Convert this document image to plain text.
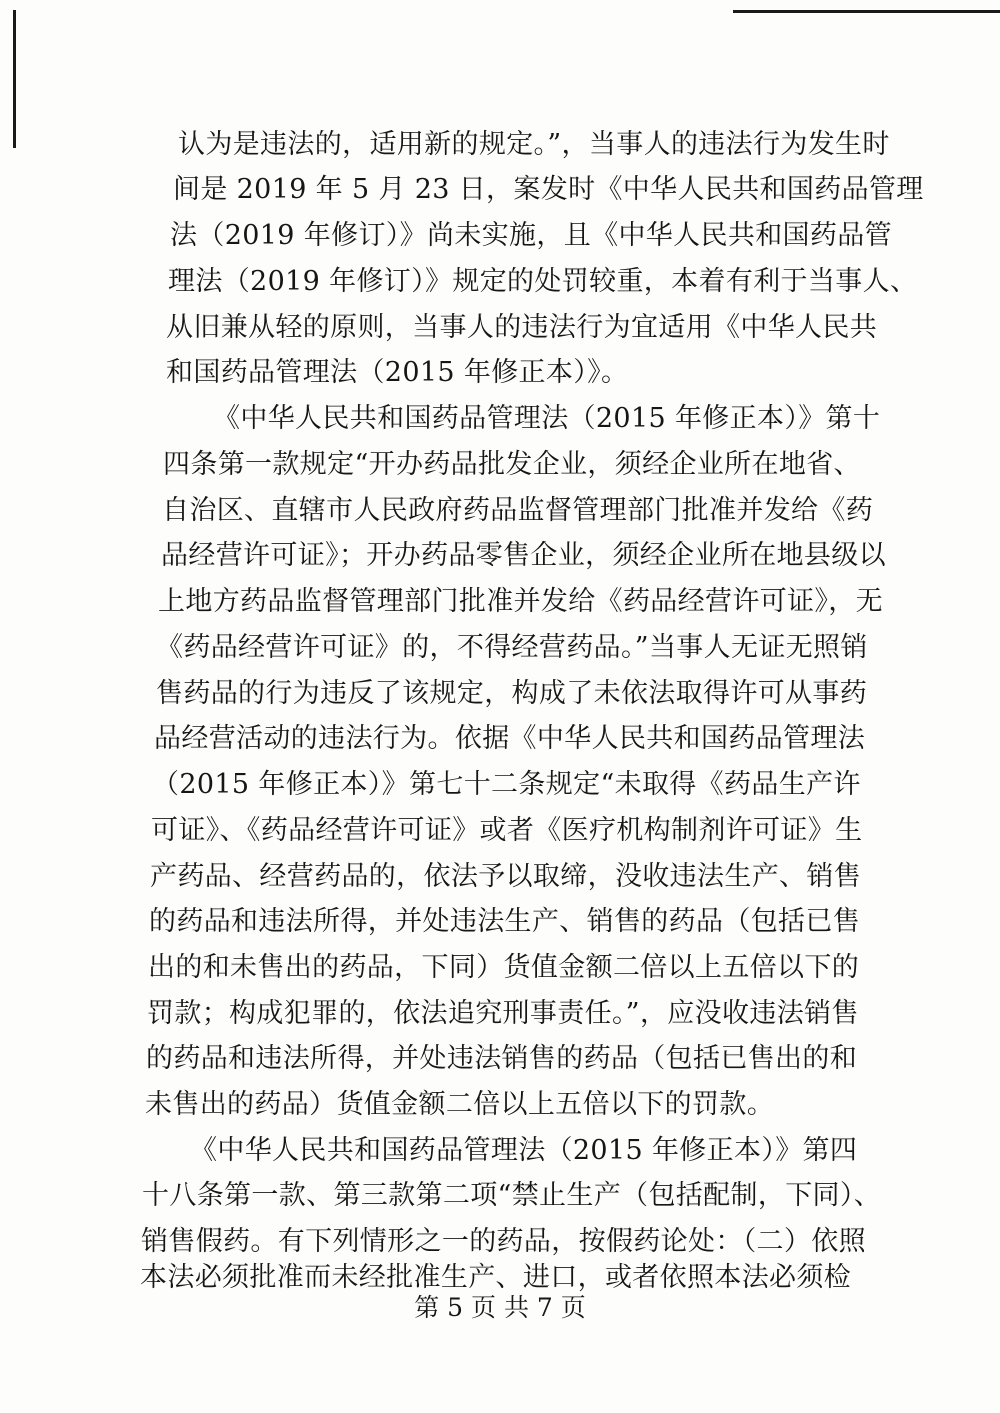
认为是违法的，适用新的规定。”，当事人的违法行为发生时
间是 2019 年 5 月 23 日，案发时《中华人民共和国药品管理
法（2019 年修订）》尚未实施，且《中华人民共和国药品管
理法（2019 年修订）》规定的处罚较重，本着有利于当事人、
从旧兼从轻的原则，当事人的违法行为宜适用《中华人民共
和国药品管理法（2015 年修正本）》。
《中华人民共和国药品管理法（2015 年修正本）》第十
四条第一款规定“开办药品批发企业，须经企业所在地省、
自治区、直辖市人民政府药品监督管理部门批准并发给《药
品经营许可证》；开办药品零售企业，须经企业所在地县级以
上地方药品监督管理部门批准并发给《药品经营许可证》，无
《药品经营许可证》的，不得经营药品。”当事人无证无照销
售药品的行为违反了该规定，构成了未依法取得许可从事药
品经营活动的违法行为。依据《中华人民共和国药品管理法
（2015 年修正本）》第七十二条规定“未取得《药品生产许
可证》、《药品经营许可证》或者《医疗机构制剂许可证》生
产药品、经营药品的，依法予以取缔，没收违法生产、销售
的药品和违法所得，并处违法生产、销售的药品（包括已售
出的和未售出的药品，下同）货值金额二倍以上五倍以下的
罚款；构成犯罪的，依法追究刑事责任。”，应没收违法销售
的药品和违法所得，并处违法销售的药品（包括已售出的和
未售出的药品）货值金额二倍以上五倍以下的罚款。
《中华人民共和国药品管理法（2015 年修正本）》第四
十八条第一款、第三款第二项“禁止生产（包括配制，下同）、
销售假药。有下列情形之一的药品，按假药论处：（二）依照
本法必须批准而未经批准生产、进口，或者依照本法必须检
第 5 页 共 7 页
